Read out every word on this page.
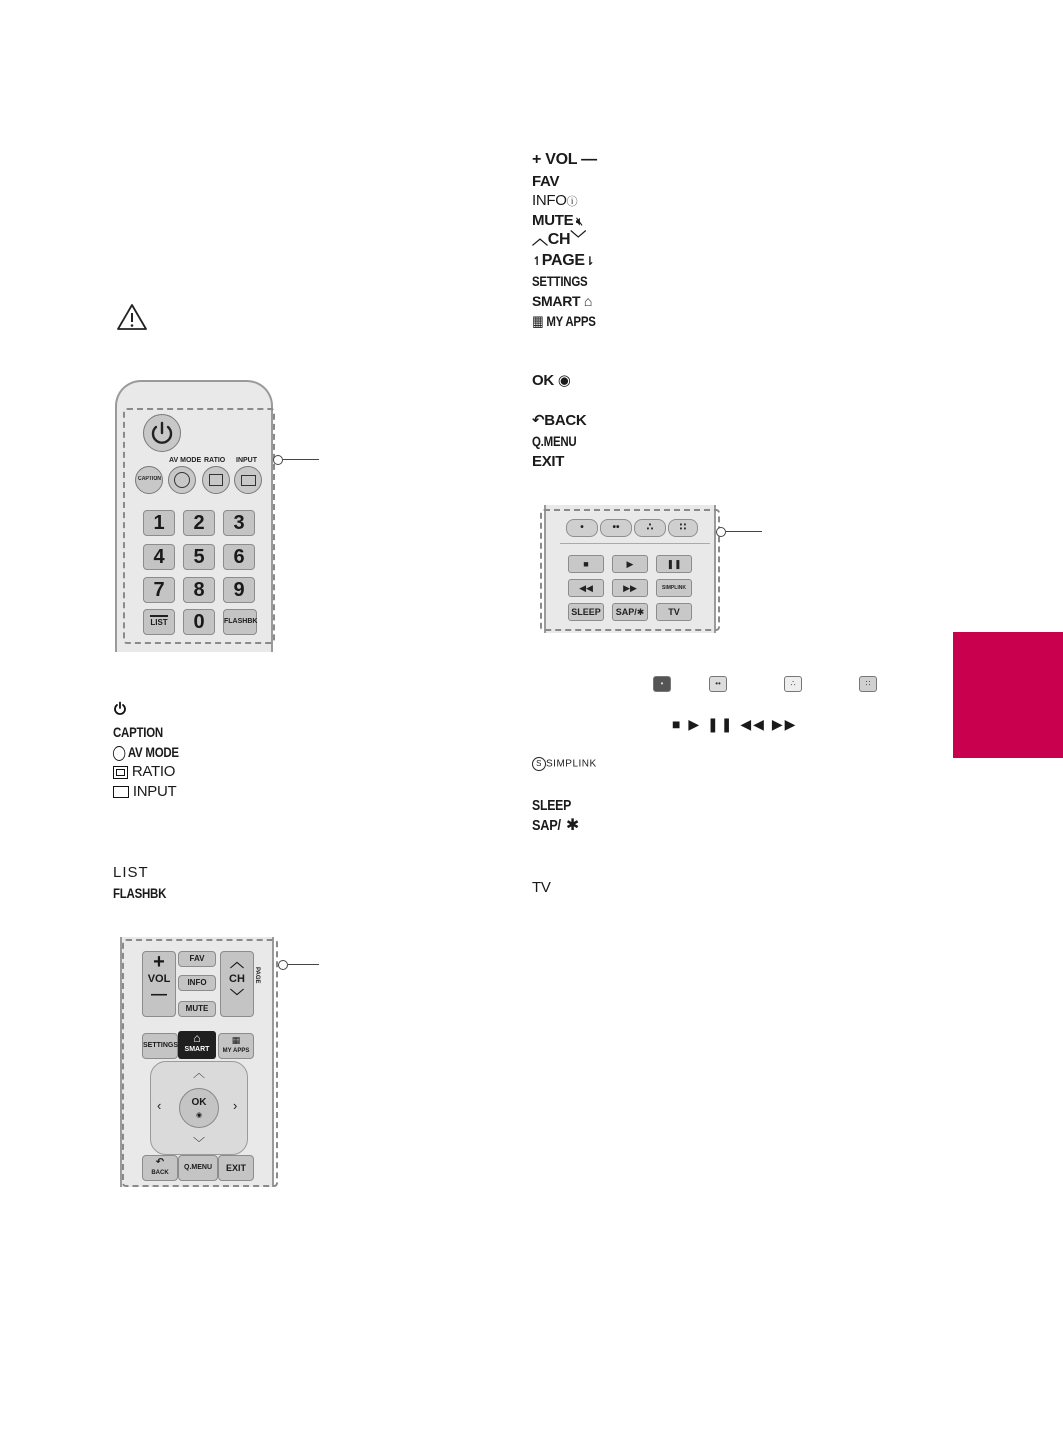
AV MODE RATIO INPUT
CAPTION
1	2	3
4	5	6
7	8	9
LIST	0	FLASHBK
CAPTION
AV MODE
RATIO
INPUT
LIST
FLASHBK
+
VOL
—
FAV
INFO
MUTE
︿
CH
﹀
PAGE
SETTINGS
⌂
SMART
▦
MY APPS
︿
﹀
‹	›
OK
◉
↶
BACK
Q.MENU	EXIT
+ VOL —
FAV
INFOⓘ
MUTE 🔇︎
︿CH﹀
↿PAGE⇂
SETTINGS
SMART ⌂
▦ MY APPS
OK ◉
↶BACK
Q.MENU
EXIT
•	••	∴	∷
■	▶	❚❚
◀◀	▶▶	SIMPLINK
SLEEP	SAP/✱	TV
•	••	∴	∷
■ ▶ ❚❚ ◀◀ ▶▶
S SIMPLINK
SLEEP
SAP/ ✱
TV
